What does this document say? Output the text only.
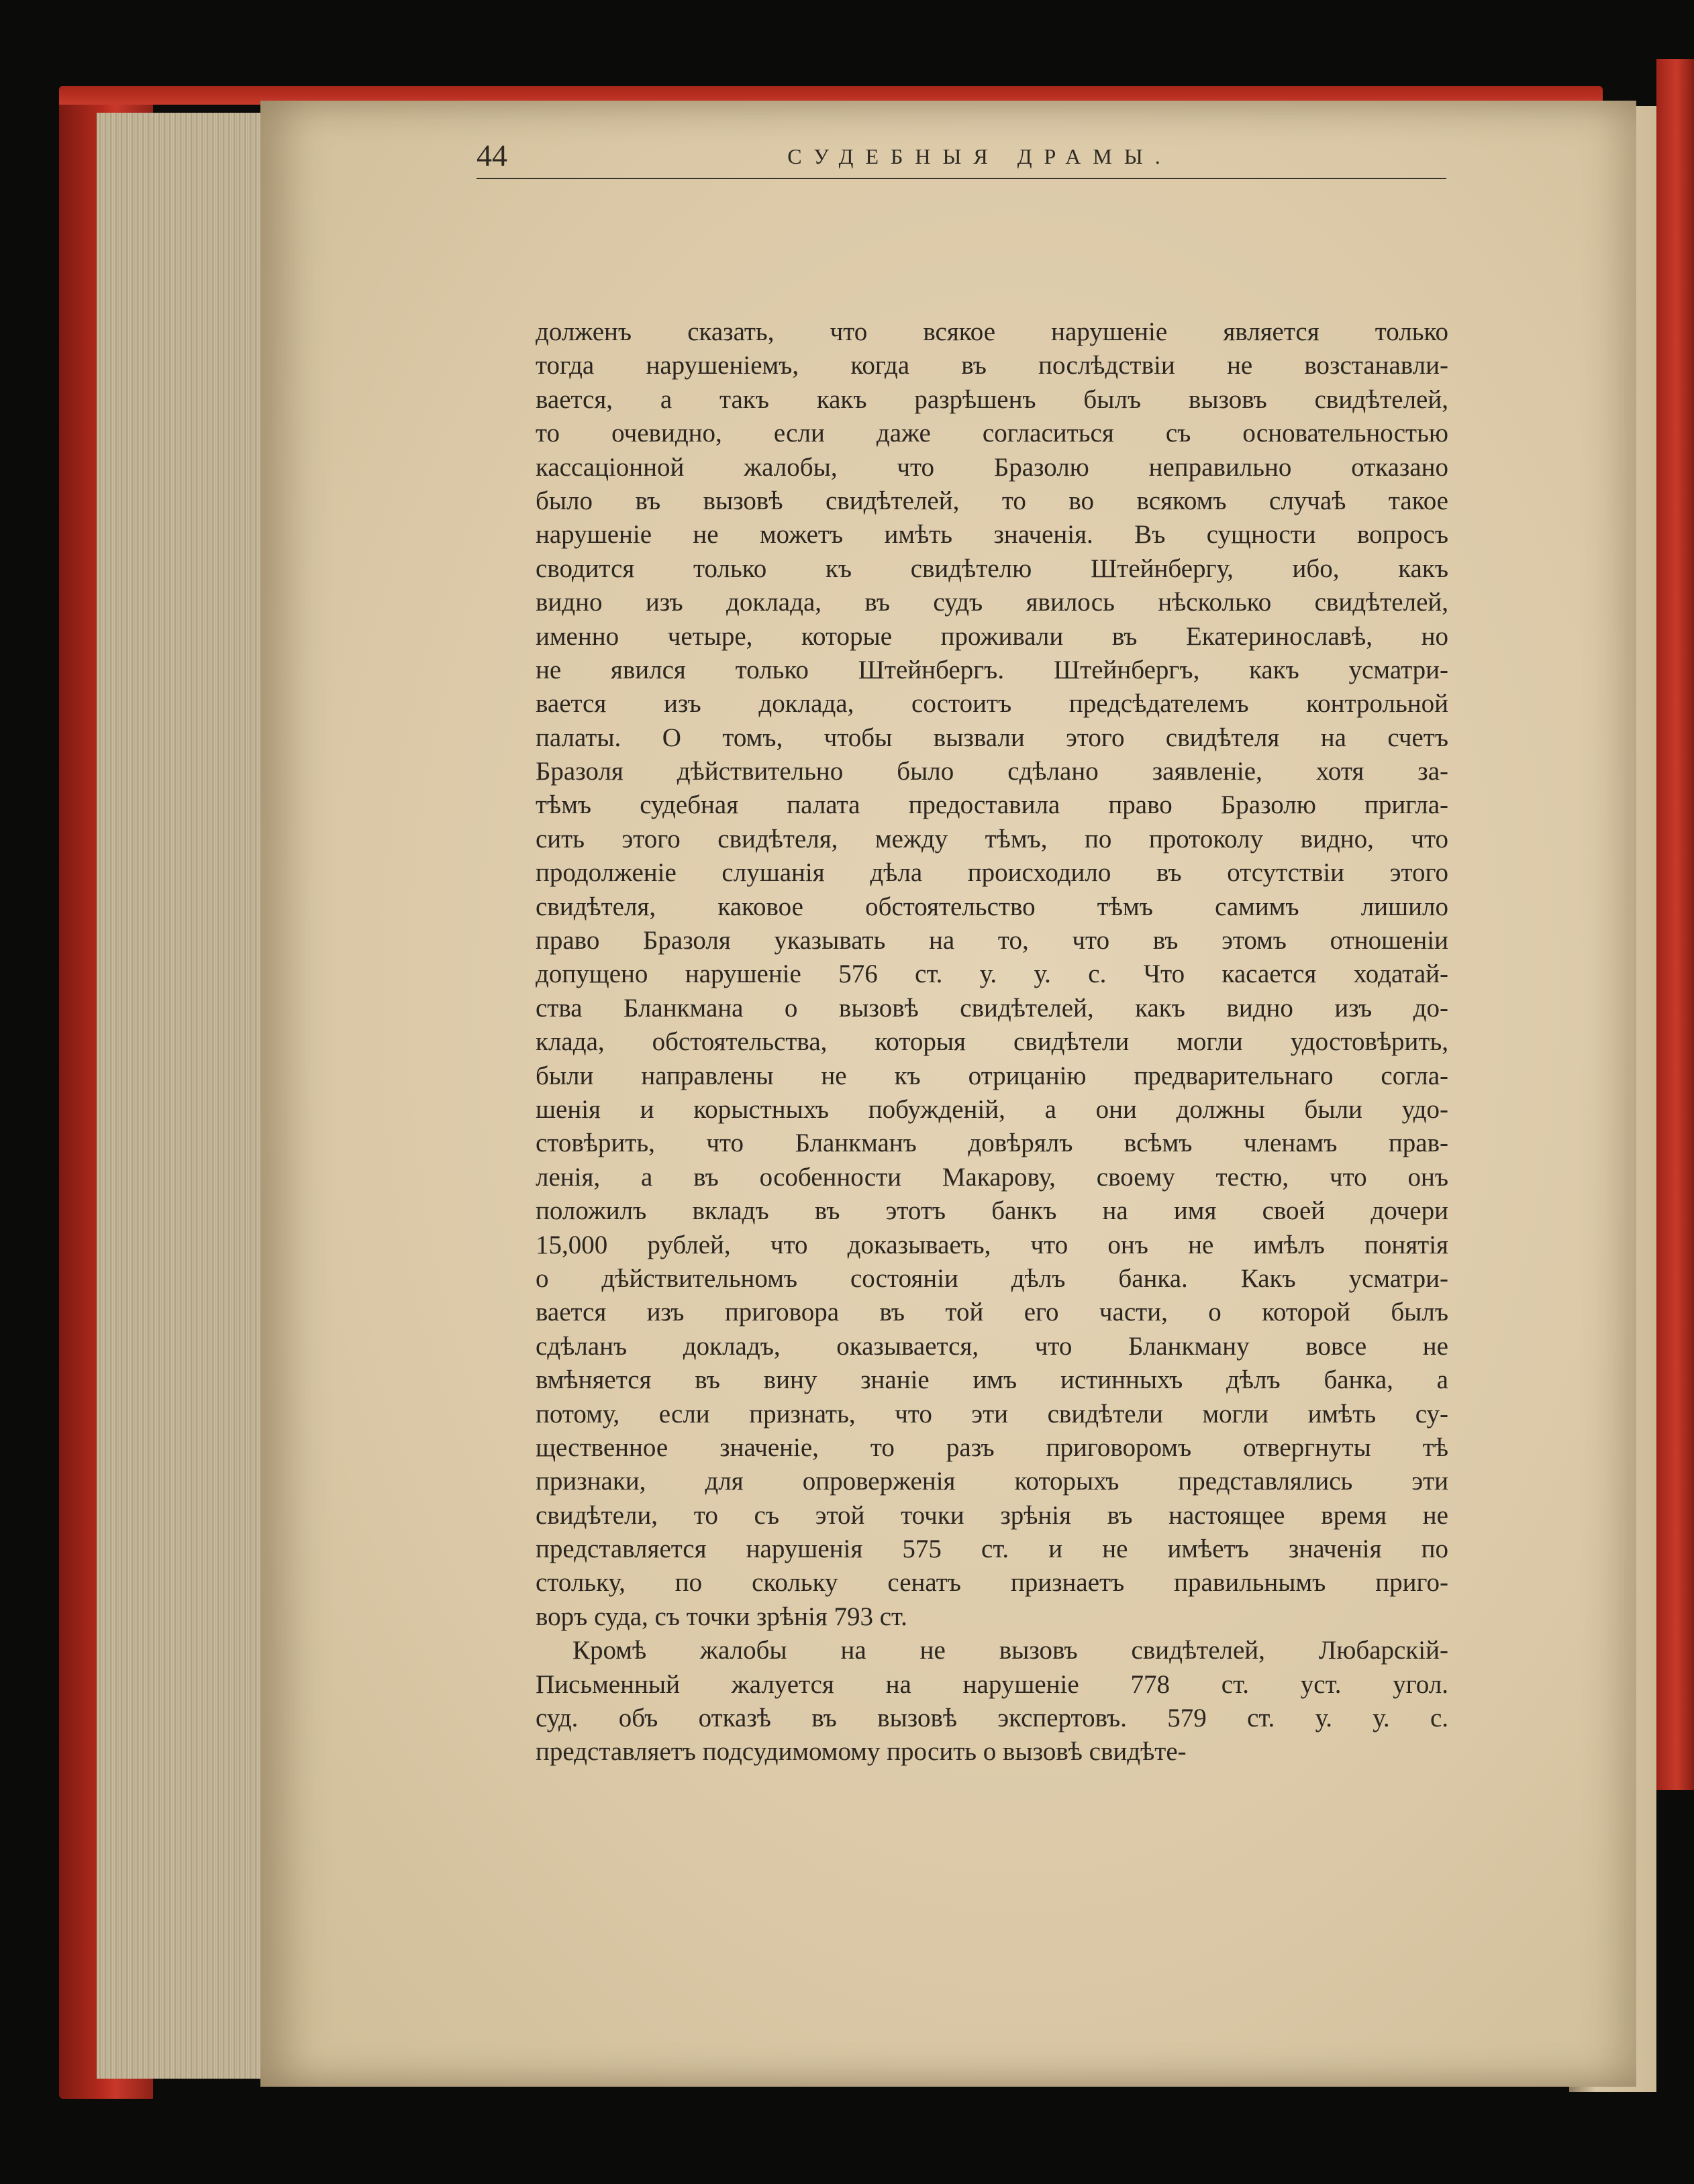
44	СУДЕБНЫЯ ДРАМЫ.
долженъ сказать, что всякое нарушеніе является только
тогда нарушеніемъ, когда въ послѣдствіи не возстанавли-
вается, а такъ какъ разрѣшенъ былъ вызовъ свидѣтелей,
то очевидно, если даже согласиться съ основательностью
кассаціонной жалобы, что Бразолю неправильно отказано
было въ вызовѣ свидѣтелей, то во всякомъ случаѣ такое
нарушеніе не можетъ имѣть значенія. Въ сущности вопросъ
сводится только къ свидѣтелю Штейнбергу, ибо, какъ
видно изъ доклада, въ судъ явилось нѣсколько свидѣтелей,
именно четыре, которые проживали въ Екатеринославѣ, но
не явился только Штейнбергъ. Штейнбергъ, какъ усматри-
вается изъ доклада, состоитъ предсѣдателемъ контрольной
палаты. О томъ, чтобы вызвали этого свидѣтеля на счетъ
Бразоля дѣйствительно было сдѣлано заявленіе, хотя за-
тѣмъ судебная палата предоставила право Бразолю пригла-
сить этого свидѣтеля, между тѣмъ, по протоколу видно, что
продолженіе слушанія дѣла происходило въ отсутствіи этого
свидѣтеля, каковое обстоятельство тѣмъ самимъ лишило
право Бразоля указывать на то, что въ этомъ отношеніи
допущено нарушеніе 576 ст. у. у. с. Что касается ходатай-
ства Бланкмана о вызовѣ свидѣтелей, какъ видно изъ до-
клада, обстоятельства, которыя свидѣтели могли удостовѣрить,
были направлены не къ отрицанію предварительнаго согла-
шенія и корыстныхъ побужденій, а они должны были удо-
стовѣрить, что Бланкманъ довѣрялъ всѣмъ членамъ прав-
ленія, а въ особенности Макарову, своему тестю, что онъ
положилъ вкладъ въ этотъ банкъ на имя своей дочери
15,000 рублей, что доказываеть, что онъ не имѣлъ понятія
о дѣйствительномъ состояніи дѣлъ банка. Какъ усматри-
вается изъ приговора въ той его части, о которой былъ
сдѣланъ докладъ, оказывается, что Бланкману вовсе не
вмѣняется въ вину знаніе имъ истинныхъ дѣлъ банка, а
потому, если признать, что эти свидѣтели могли имѣть су-
щественное значеніе, то разъ приговоромъ отвергнуты тѣ
признаки, для опроверженія которыхъ представлялись эти
свидѣтели, то съ этой точки зрѣнія въ настоящее время не
представляется нарушенія 575 ст. и не имѣетъ значенія по
стольку, по скольку сенатъ признаетъ правильнымъ приго-
воръ суда, съ точки зрѣнія 793 ст.
Кромѣ жалобы на не вызовъ свидѣтелей, Любарскій-
Письменный жалуется на нарушеніе 778 ст. уст. угол.
суд. объ отказѣ въ вызовѣ экспертовъ. 579 ст. у. у. с.
представляетъ подсудимомому просить о вызовѣ свидѣте-
